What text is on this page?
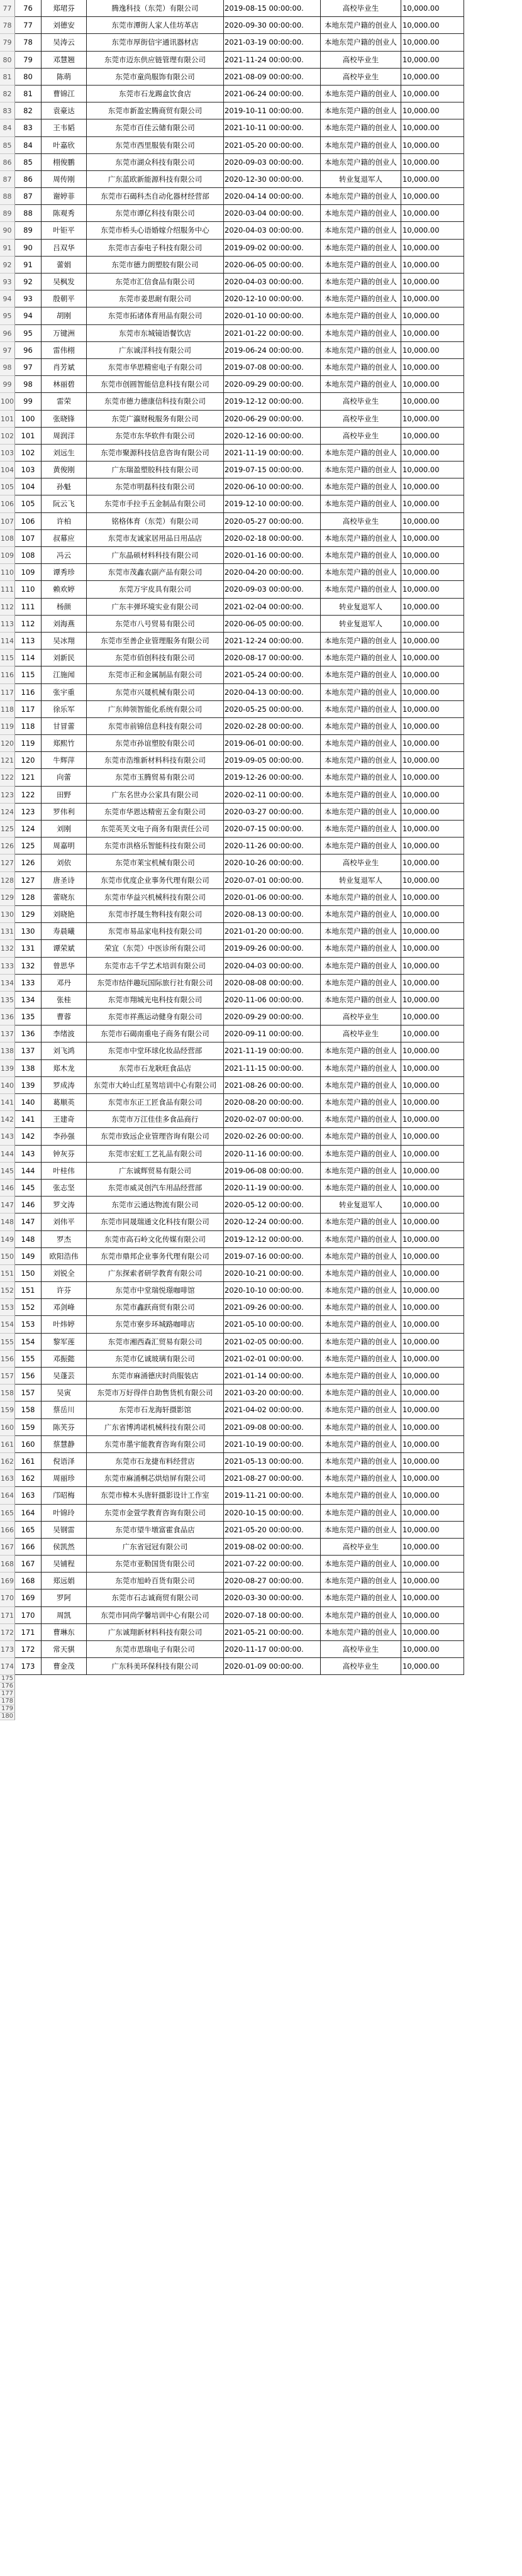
77	76	郑珺芬	腾逸科技（东莞）有限公司	2019-08-15 00:00:00.	高校毕业生	10,000.00
78	77	刘德安	东莞市潭街人家人佳坊革店	2020-09-30 00:00:00.	本地东莞户籍的创业人 10,000.00
79	78	吴涛云	东莞市厚街信宇通讯器材店	2021-03-19 00:00:00.	本地东莞户籍的创业人 10,000.00
80	79	邓慧翘	东莞市迈东供应链管理有限公司	2021-11-24 00:00:00.	高校毕业生	10,000.00
81	80	陈萌	东莞市童尚服饰有限公司	2021-08-09 00:00:00.	高校毕业生	10,000.00
82	81	曹锦江	东莞市石龙踢盒饮食店	2021-06-24 00:00:00.	本地东莞户籍的创业人 10,000.00
83	82	袁豪达	东莞市新盈宏腾商贸有限公司	2019-10-11 00:00:00.	本地东莞户籍的创业人 10,000.00
84	83	王韦韬	东莞市百佳云储有限公司	2021-10-11 00:00:00.	本地东莞户籍的创业人 10,000.00
85	84	叶嘉欣	东莞市西里服装有限公司	2021-05-20 00:00:00.	本地东莞户籍的创业人 10,000.00
86	85	栩俊鹏	东莞市湖众科技有限公司	2020-09-03 00:00:00.	本地东莞户籍的创业人 10,000.00
87	86	周传刚	广东蓝欧新能源科技有限公司	2020-12-30 00:00:00.	转业复退军人	10,000.00
88	87	谢婷菲	东莞市石碣科杰自动化器材经营部	2020-04-14 00:00:00.	本地东莞户籍的创业人 10,000.00
89	88	陈观秀	东莞市谭亿科技有限公司	2020-03-04 00:00:00.	本地东莞户籍的创业人 10,000.00
90	89	叶钜平	东莞市桥头心语婚嫁介绍服务中心	2020-04-03 00:00:00.	本地东莞户籍的创业人 10,000.00
91	90	吕双华	东莞市吉泰电子科技有限公司	2019-09-02 00:00:00.	本地东莞户籍的创业人 10,000.00
92	91	蕾娟	东莞市德力朗塑胶有限公司	2020-06-05 00:00:00.	本地东莞户籍的创业人 10,000.00
93	92	吴枫发	东莞市汇信食品有限公司	2020-04-03 00:00:00.	本地东莞户籍的创业人 10,000.00
94	93	殷朝平	东莞市姜思耐有限公司	2020-12-10 00:00:00.	本地东莞户籍的创业人 10,000.00
95	94	胡刚	东莞市拓诸体育用品有限公司	2020-01-10 00:00:00.	本地东莞户籍的创业人 10,000.00
96	95	万键洲	东莞市东城镜语餐饮店	2021-01-22 00:00:00.	本地东莞户籍的创业人 10,000.00
97	96	雷伟栩	广东诚洋科技有限公司	2019-06-24 00:00:00.	本地东莞户籍的创业人 10,000.00
98	97	肖芳斌	东莞市华思精密电子有限公司	2019-07-08 00:00:00.	本地东莞户籍的创业人 10,000.00
99	98	林丽碧	东莞市创圆智能信息科技有限公司	2020-09-29 00:00:00.	本地东莞户籍的创业人 10,000.00
100	99	雷荣	东莞市德力德康信科技有限公司	2019-12-12 00:00:00.	高校毕业生	10,000.00
101	100	张晓锋	东莞广瀛财税服务有限公司	2020-06-29 00:00:00.	高校毕业生	10,000.00
102	101	周润洋	东莞市东华软件有限公司	2020-12-16 00:00:00.	高校毕业生	10,000.00
103	102	刘远生	东莞市聚源科技信息咨询有限公司	2021-11-19 00:00:00.	本地东莞户籍的创业人 10,000.00
104	103	黄俊刚	广东瑞盈塑胶科技有限公司	2019-07-15 00:00:00.	本地东莞户籍的创业人 10,000.00
105	104	孙魁	东莞市明磊科技有限公司	2020-06-10 00:00:00.	本地东莞户籍的创业人 10,000.00
106	105	阮云飞	东莞市手拉手五金制品有限公司	2019-12-10 00:00:00.	本地东莞户籍的创业人 10,000.00
107	106	许柏	铭格体育（东莞）有限公司	2020-05-27 00:00:00.	高校毕业生	10,000.00
108	107	叔幕应	东莞市友诚家居用品日用品店	2020-02-18 00:00:00.	本地东莞户籍的创业人 10,000.00
109	108	冯云	广东晶硕材料科技有限公司	2020-01-16 00:00:00.	本地东莞户籍的创业人 10,000.00
110	109	谭秀珍	东莞市茂鑫农副产品有限公司	2020-04-20 00:00:00.	本地东莞户籍的创业人 10,000.00
111	110	赖欢婷	东莞万宇皮具有限公司	2020-09-03 00:00:00.	本地东莞户籍的创业人 10,000.00
112	111	杨颜	广东丰弹环境实业有限公司	2021-02-04 00:00:00.	转业复退军人	10,000.00
113	112	刘海燕	东莞市八号贸易有限公司	2020-06-05 00:00:00.	转业复退军人	10,000.00
114	113	吴冰翔	东莞市至善企业管理服务有限公司	2021-12-24 00:00:00.	本地东莞户籍的创业人 10,000.00
115	114	刘新民	东莞市佰创科技有限公司	2020-08-17 00:00:00.	本地东莞户籍的创业人 10,000.00
116	115	江施闻	东莞市正和金属制品有限公司	2021-05-24 00:00:00.	本地东莞户籍的创业人 10,000.00
117	116	张宇重	东莞市兴晟机械有限公司	2020-04-13 00:00:00.	本地东莞户籍的创业人 10,000.00
118	117	徐乐军	广东帅领智能化系统有限公司	2020-05-25 00:00:00.	本地东莞户籍的创业人 10,000.00
119	118	甘冒蕾	东莞市前锦信息科技有限公司	2020-02-28 00:00:00.	本地东莞户籍的创业人 10,000.00
120	119	郑熙竹	东莞市孙谊塑胶有限公司	2019-06-01 00:00:00.	本地东莞户籍的创业人 10,000.00
121	120	牛辉萍	东莞市浩维新材料科技有限公司	2019-09-05 00:00:00.	本地东莞户籍的创业人 10,000.00
122	121	向蕾	东莞市玉腾贸易有限公司	2019-12-26 00:00:00.	本地东莞户籍的创业人 10,000.00
123	122	田野	广东名世办公家具有限公司	2020-02-11 00:00:00.	本地东莞户籍的创业人 10,000.00
124	123	罗伟利	东莞市华恩达精密五金有限公司	2020-03-27 00:00:00.	本地东莞户籍的创业人 10,000.00
125	124	刘刚	东莞英芙文电子商务有限责任公司	2020-07-15 00:00:00.	本地东莞户籍的创业人 10,000.00
126	125	周嘉明	东莞市洪格乐智能科技有限公司	2020-11-26 00:00:00.	本地东莞户籍的创业人 10,000.00
127	126	刘依	东莞市莱宝机械有限公司	2020-10-26 00:00:00.	高校毕业生	10,000.00
128	127	唐圣诗	东莞市优度企业事务代理有限公司	2020-07-01 00:00:00.	转业复退军人	10,000.00
129	128	蕾晓东	东莞市华益兴机械科技有限公司	2020-01-06 00:00:00.	本地东莞户籍的创业人 10,000.00
130	129	刘晓艳	东莞市抒晟生物科技有限公司	2020-08-13 00:00:00.	本地东莞户籍的创业人 10,000.00
131	130	寿晨曦	东莞市易品家电科技有限公司	2021-01-20 00:00:00.	本地东莞户籍的创业人 10,000.00
132	131	谭荣斌	荣宜（东莞）中医诊所有限公司	2019-09-26 00:00:00.	本地东莞户籍的创业人 10,000.00
133	132	曾思华	东莞市志千学艺术培训有限公司	2020-04-03 00:00:00.	本地东莞户籍的创业人 10,000.00
134	133	邓丹	东莞市结伴趣玩国际旅行社有限公司	2020-08-08 00:00:00.	本地东莞户籍的创业人 10,000.00
135	134	张桂	东莞市翔城光电科技有限公司	2020-11-06 00:00:00.	本地东莞户籍的创业人 10,000.00
136	135	曹蓉	东莞市祥燕运动健身有限公司	2020-09-29 00:00:00.	高校毕业生	10,000.00
137	136	李绪波	东莞市石碣南重电子商务有限公司	2020-09-11 00:00:00.	高校毕业生	10,000.00
138	137	刘飞鸿	东莞市中堂环球化妆品经营部	2021-11-19 00:00:00.	本地东莞户籍的创业人 10,000.00
139	138	郑木龙	东莞市石龙耿旺食品店	2021-11-15 00:00:00.	本地东莞户籍的创业人 10,000.00
140	139	罗成涛	东莞市大岭山红星驾培训中心有限公司	2021-08-26 00:00:00.	本地东莞户籍的创业人 10,000.00
141	140	葛顺英	东莞市东正工匠食品有限公司	2020-08-20 00:00:00.	本地东莞户籍的创业人 10,000.00
142	141	王建奇	东莞市万江佳佳多食品商行	2020-02-07 00:00:00.	本地东莞户籍的创业人 10,000.00
143	142	李孙强	东莞市致远企业管理咨询有限公司	2020-02-26 00:00:00.	本地东莞户籍的创业人 10,000.00
144	143	钟灰芬	东莞市宏虹工艺礼品有限公司	2020-11-16 00:00:00.	本地东莞户籍的创业人 10,000.00
145	144	叶桂伟	广东诚辉贸易有限公司	2019-06-08 00:00:00.	本地东莞户籍的创业人 10,000.00
146	145	张志坚	东莞市威灵创汽车用品经营部	2020-11-19 00:00:00.	本地东莞户籍的创业人 10,000.00
147	146	罗文涛	东莞市云通达物流有限公司	2020-05-12 00:00:00.	转业复退军人	10,000.00
148	147	刘伟平	东莞市同晟瑞通文化科技有限公司	2020-12-24 00:00:00.	本地东莞户籍的创业人 10,000.00
149	148	罗杰	东莞市高石岭文化传媒有限公司	2019-12-12 00:00:00.	本地东莞户籍的创业人 10,000.00
150	149	欧阳浩伟	东莞市鼎邦企业事务代理有限公司	2019-07-16 00:00:00.	本地东莞户籍的创业人 10,000.00
151	150	刘锐全	广东探索者研学教育有限公司	2020-10-21 00:00:00.	本地东莞户籍的创业人 10,000.00
152	151	许芬	东莞市中堂瑞悦璟咖啡馆	2020-10-10 00:00:00.	本地东莞户籍的创业人 10,000.00
153	152	邓剑峰	东莞市鑫跃商贸有限公司	2021-09-26 00:00:00.	本地东莞户籍的创业人 10,000.00
154	153	叶炜婷	东莞市寮步环城路咖啡店	2021-05-10 00:00:00.	本地东莞户籍的创业人 10,000.00
155	154	黎军莲	东莞市湘西森汇贸易有限公司	2021-02-05 00:00:00.	本地东莞户籍的创业人 10,000.00
156	155	邓振懿	东莞市亿诚玻璃有限公司	2021-02-01 00:00:00.	本地东莞户籍的创业人 10,000.00
157	156	吴蓬芸	东莞市麻涌德庆时尚服装店	2021-01-14 00:00:00.	本地东莞户籍的创业人 10,000.00
158	157	吴寅	东莞市万好得伴自助售货机有限公司	2021-03-20 00:00:00.	本地东莞户籍的创业人 10,000.00
159	158	蔡岳川	东莞市石龙海轩摄影馆	2021-04-02 00:00:00.	本地东莞户籍的创业人 10,000.00
160	159	陈芙芬	广东省博鸿诺机械科技有限公司	2021-09-08 00:00:00.	本地东莞户籍的创业人 10,000.00
161	160	蔡慧静	东莞市墨宇能教育咨询有限公司	2021-10-19 00:00:00.	本地东莞户籍的创业人 10,000.00
162	161	倪语泽	东莞市石龙捷布料经营店	2021-05-13 00:00:00.	本地东莞户籍的创业人 10,000.00
163	162	周丽珍	东莞市麻涌桐芯烘焙屏有限公司	2021-08-27 00:00:00.	本地东莞户籍的创业人 10,000.00
164	163	邝昭梅	东莞市樟木头唐轩摄影设计工作室	2019-11-21 00:00:00.	本地东莞户籍的创业人 10,000.00
165	164	叶锦玲	东莞市金萱学教育咨询有限公司	2020-10-15 00:00:00.	本地东莞户籍的创业人 10,000.00
166	165	吴钢雷	东莞市望牛墩富霍食品店	2021-05-20 00:00:00.	本地东莞户籍的创业人 10,000.00
167	166	侯凯然	广东省冠冠有限公司	2019-08-02 00:00:00.	高校毕业生	10,000.00
168	167	吴铺程	东莞市亚勒国货有限公司	2021-07-22 00:00:00.	本地东莞户籍的创业人 10,000.00
169	168	郑远娟	东莞市旭岭百货有限公司	2020-08-27 00:00:00.	本地东莞户籍的创业人 10,000.00
170	169	罗阿	东莞市石志诚商贸有限公司	2020-03-30 00:00:00.	本地东莞户籍的创业人 10,000.00
171	170	周凯	东莞市同尚学馨培训中心有限公司	2020-07-18 00:00:00.	本地东莞户籍的创业人 10,000.00
172	171	曹琳东	广东诚翔新材料科技有限公司	2021-05-21 00:00:00.	本地东莞户籍的创业人 10,000.00
173	172	常天骐	东莞市思瑞电子有限公司	2020-11-17 00:00:00.	高校毕业生	10,000.00
174	173	曹金茂	广东科美环保科技有限公司	2020-01-09 00:00:00.	高校毕业生	10,000.00
175
176
177
178
179
180
